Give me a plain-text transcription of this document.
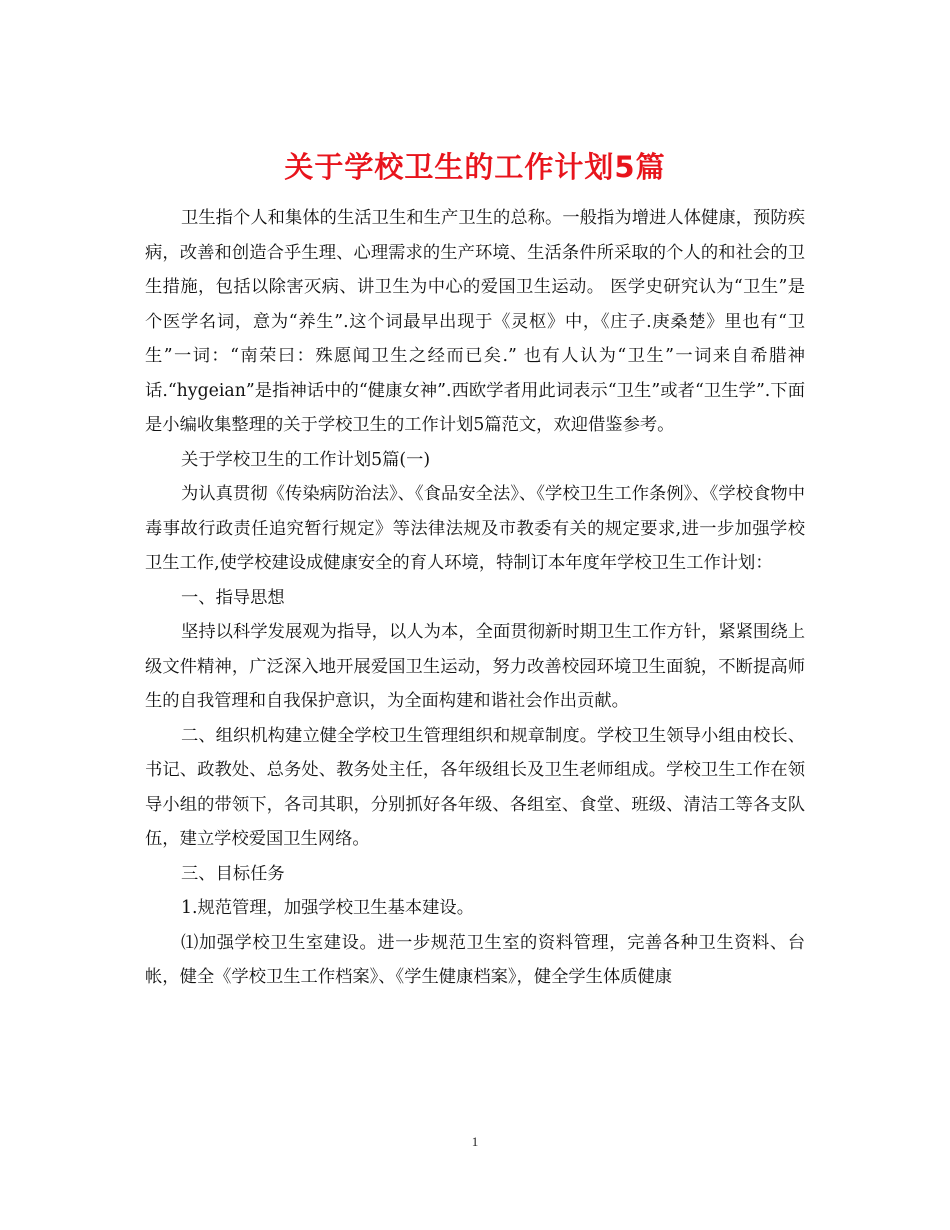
关于学校卫生的工作计划5篇

卫生指个人和集体的生活卫生和生产卫生的总称。一般指为增进人体健康，预防疾病，改善和创造合乎生理、心理需求的生产环境、生活条件所采取的个人的和社会的卫生措施，包括以除害灭病、讲卫生为中心的爱国卫生运动。 医学史研究认为“卫生”是个医学名词，意为“养生”.这个词最早出现于《灵枢》中，《庄子.庚桑楚》里也有“卫生”一词：“南荣曰：殊愿闻卫生之经而已矣.” 也有人认为“卫生”一词来自希腊神话.“hygeian”是指神话中的“健康女神”.西欧学者用此词表示“卫生”或者“卫生学”.下面是小编收集整理的关于学校卫生的工作计划5篇范文，欢迎借鉴参考。

关于学校卫生的工作计划5篇(一)

为认真贯彻《传染病防治法》、《食品安全法》、《学校卫生工作条例》、《学校食物中毒事故行政责任追究暂行规定》等法律法规及市教委有关的规定要求,进一步加强学校卫生工作,使学校建设成健康安全的育人环境，特制订本年度年学校卫生工作计划：

一、指导思想

坚持以科学发展观为指导，以人为本，全面贯彻新时期卫生工作方针，紧紧围绕上级文件精神，广泛深入地开展爱国卫生运动，努力改善校园环境卫生面貌，不断提高师生的自我管理和自我保护意识，为全面构建和谐社会作出贡献。

二、组织机构建立健全学校卫生管理组织和规章制度。学校卫生领导小组由校长、书记、政教处、总务处、教务处主任，各年级组长及卫生老师组成。学校卫生工作在领导小组的带领下，各司其职，分别抓好各年级、各组室、食堂、班级、清洁工等各支队伍，建立学校爱国卫生网络。

三、目标任务

1.规范管理，加强学校卫生基本建设。

⑴加强学校卫生室建设。进一步规范卫生室的资料管理，完善各种卫生资料、台帐，健全《学校卫生工作档案》、《学生健康档案》，健全学生体质健康

1
